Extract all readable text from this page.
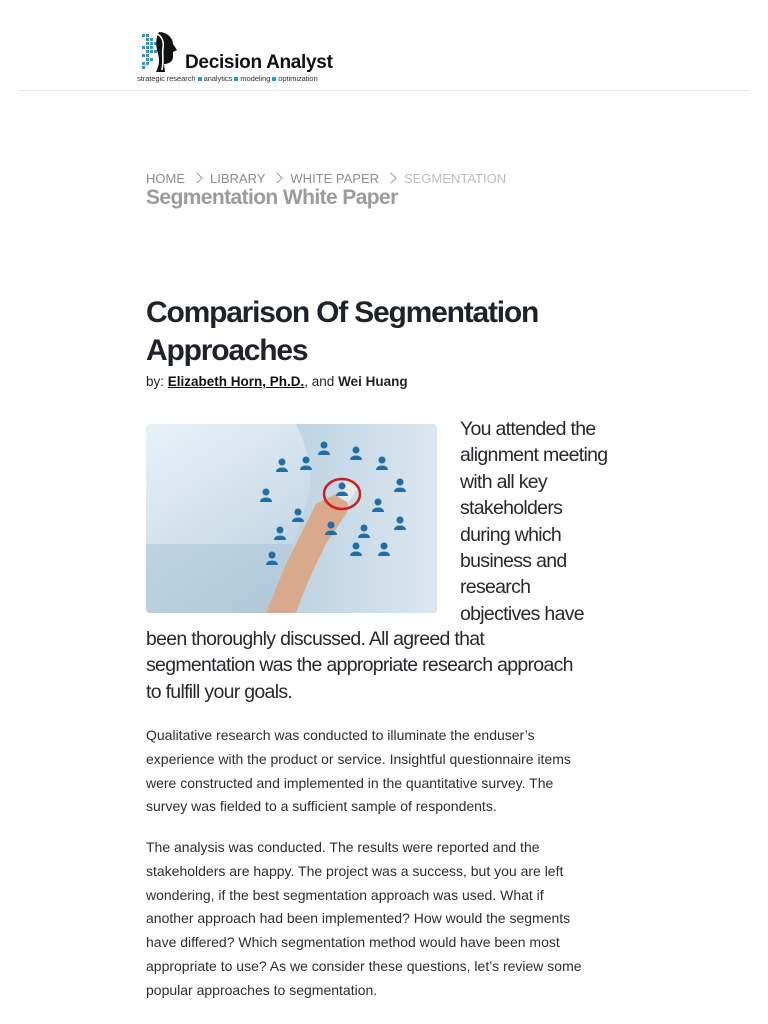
Decision Analyst
strategic research analytics modeling optimization
HOME LIBRARY WHITE PAPER SEGMENTATION
Segmentation White Paper
Comparison Of Segmentation Approaches
by: Elizabeth Horn, Ph.D., and Wei Huang
You attended the
alignment meeting
with all key
stakeholders
during which
business and
research
objectives have
been thoroughly discussed. All agreed that
segmentation was the appropriate research approach
to fulfill your goals.
Qualitative research was conducted to illuminate the enduser’s
experience with the product or service. Insightful questionnaire items
were constructed and implemented in the quantitative survey. The
survey was fielded to a sufficient sample of respondents.
The analysis was conducted. The results were reported and the
stakeholders are happy. The project was a success, but you are left
wondering, if the best segmentation approach was used. What if
another approach had been implemented? How would the segments
have differed? Which segmentation method would have been most
appropriate to use? As we consider these questions, let’s review some
popular approaches to segmentation.
